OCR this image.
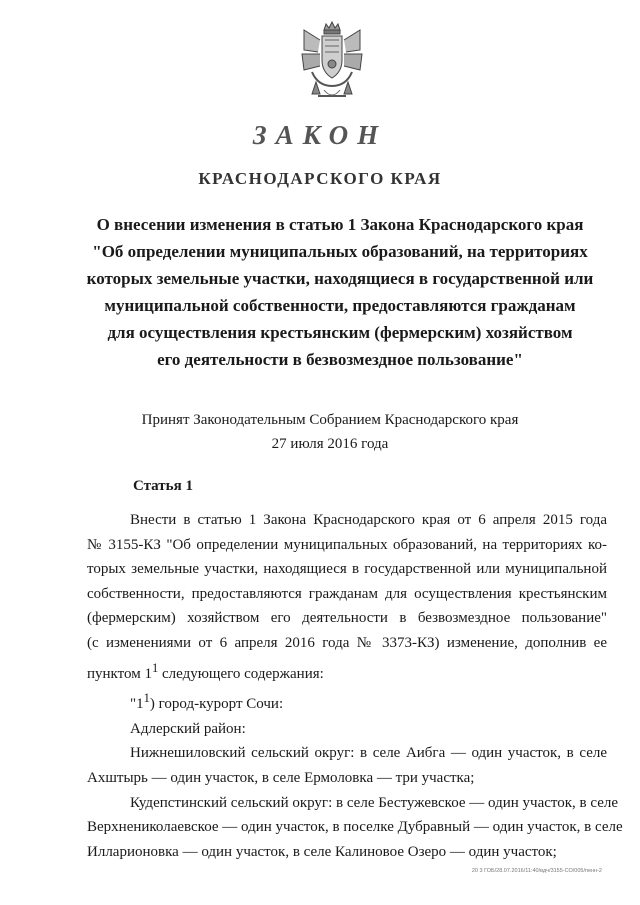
ЗАКОН
КРАСНОДАРСКОГО КРАЯ
О внесении изменения в статью 1 Закона Краснодарского края
"Об определении муниципальных образований, на территориях
которых земельные участки, находящиеся в государственной или
муниципальной собственности, предоставляются гражданам
для осуществления крестьянским (фермерским) хозяйством
его деятельности в безвозмездное пользование"
Принят Законодательным Собранием Краснодарского края
27 июля 2016 года
Статья 1
Внести в статью 1 Закона Краснодарского края от 6 апреля 2015 года
№ 3155-КЗ "Об определении муниципальных образований, на территориях ко-
торых земельные участки, находящиеся в государственной или муниципальной
собственности, предоставляются гражданам для осуществления крестьянским
(фермерским) хозяйством его деятельности в безвозмездное пользование"
(с изменениями от 6 апреля 2016 года № 3373-КЗ) изменение, дополнив ее
пунктом $1^1$ следующего содержания:
"$1^1$) город-курорт Сочи:
Адлерский район:
Нижнешиловский сельский округ: в селе Аибга — один участок, в селе
Ахштырь — один участок, в селе Ермоловка — три участка;
Кудепстинский сельский округ: в селе Бестужевское — один участок, в селе
Верхнениколаевское — один участок, в поселке Дубравный — один участок, в селе
Илларионовка — один участок, в селе Калиновое Озеро — один участок;
20 3 ГОБ/28.07.2016/11:40/вдч/3155-СО/005/пенн-2
